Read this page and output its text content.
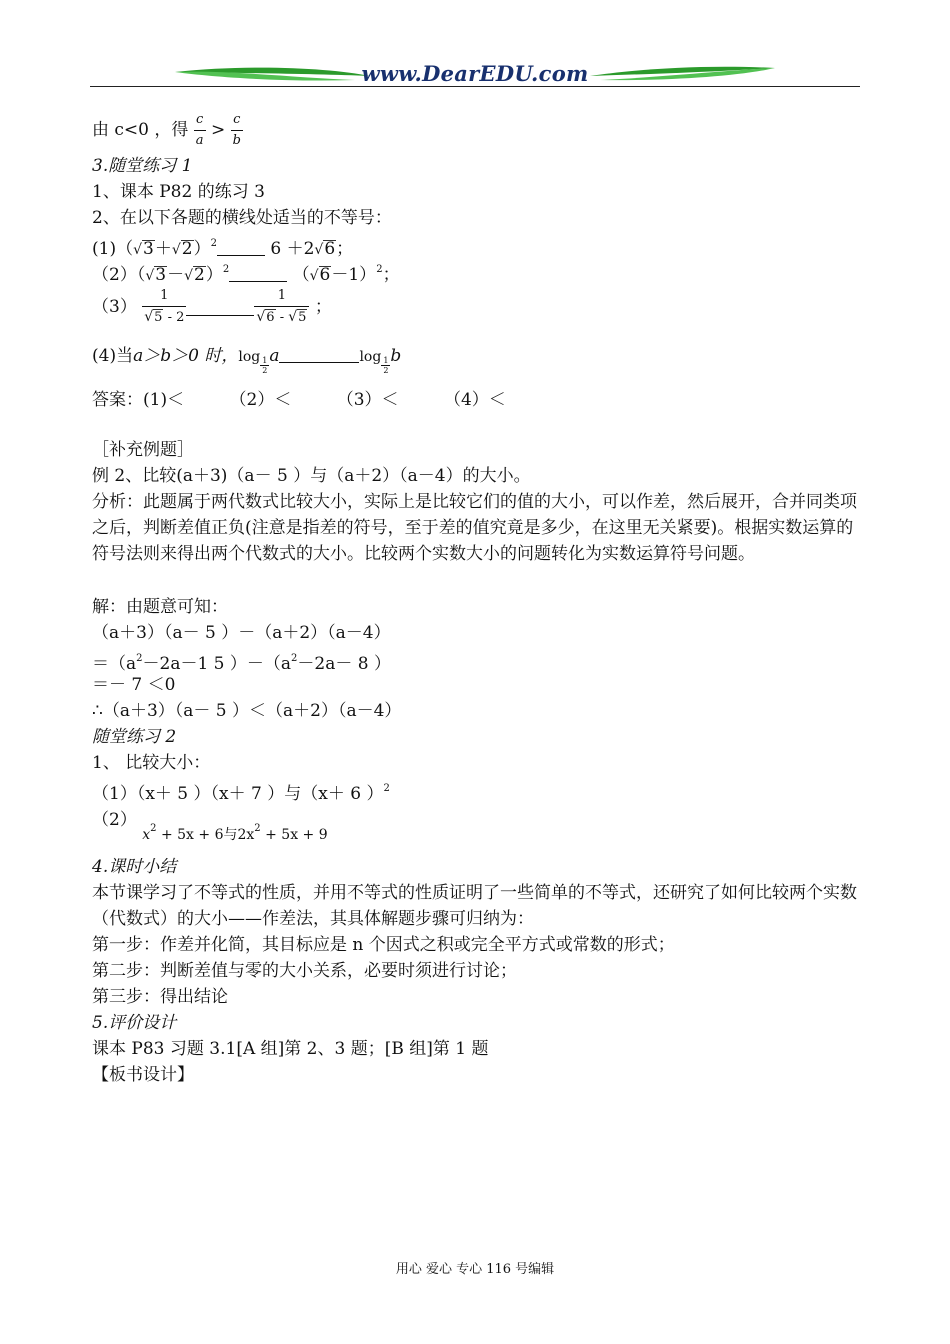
www.DearEDU.com
由 c<0 ，得 $\frac{c}{a} > \frac{c}{b}$
3.随堂练习 1
1、课本 P82 的练习 3
2、在以下各题的横线处适当的不等号：
$(1)(√3+√2)^2$	6 ＋2√6；
$(2)(√3-√2)^2$	$(√6-1)^2$；
$(3) \frac{1}{√5 - 2}$	$\frac{1}{√6 - √5}$ ；
(4)当a＞b＞0 时，$\log \frac{1}{2}$ a	$\log \frac{1}{2}$ b
答案：(1)＜	（2）＜	（3）＜	（4）＜
［补充例题］
例 2、比较(a＋3)（a－ 5 ）与（a＋2）（a－4）的大小。
分析：此题属于两代数式比较大小，实际上是比较它们的值的大小，可以作差，然后展开，合并同类项之后，判断差值正负(注意是指差的符号，至于差的值究竟是多少，在这里无关紧要)。根据实数运算的符号法则来得出两个代数式的大小。比较两个实数大小的问题转化为实数运算符号问题。
解：由题意可知：
（a＋3）（a－ 5 ）－（a＋2）（a－4）
$=(a^2-2a-1$ 5 ）$-(a^2-2a- 8$ ）
＝－ 7 ＜0
∴（a＋3）（a－ 5 ）＜（a＋2）（a－4）
随堂练习 2
1、 比较大小：
（1）（x＋ 5 ）（x＋ 7 ）与（x＋ 6 ）$^2$
（2） $_{x^2 + 5x + 6与2x^2 + 5x + 9}$
4.课时小结
本节课学习了不等式的性质，并用不等式的性质证明了一些简单的不等式，还研究了如何比较两个实数（代数式）的大小——作差法，其具体解题步骤可归纳为：
第一步：作差并化简，其目标应是 n 个因式之积或完全平方式或常数的形式；
第二步：判断差值与零的大小关系，必要时须进行讨论；
第三步：得出结论
5.评价设计
课本 P83 习题 3.1[A 组]第 2、3 题；[B 组]第 1 题
【板书设计】
用心 爱心 专心 116 号编辑
